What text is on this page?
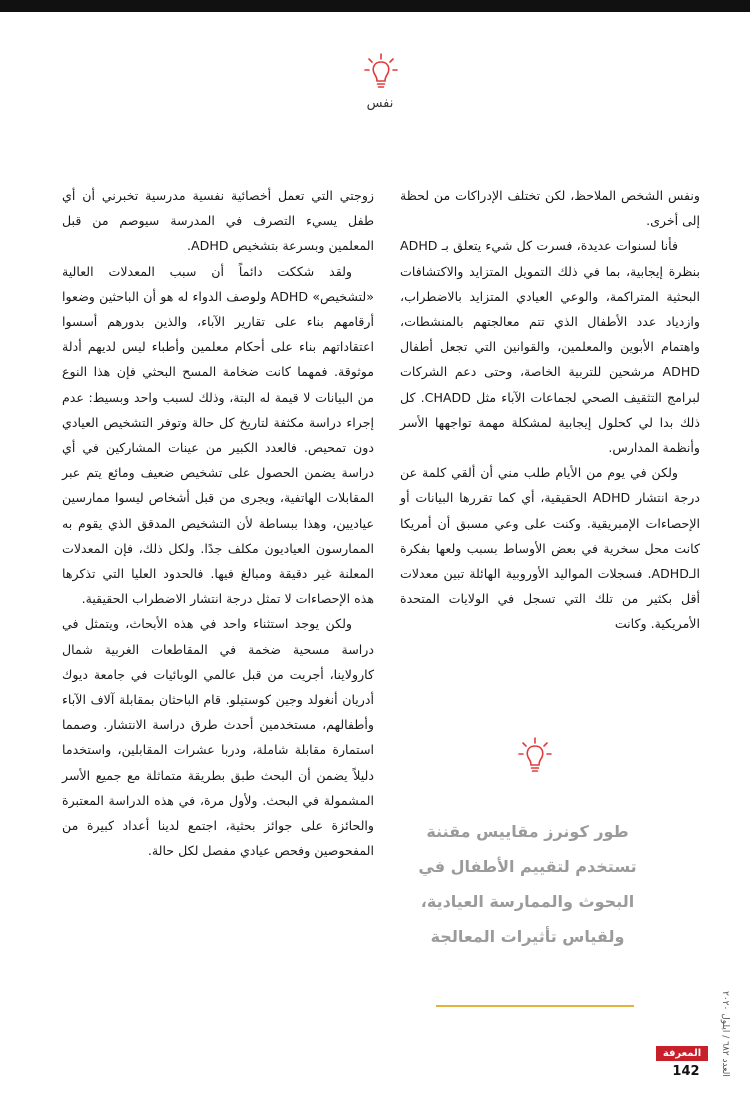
نفس

ونفس الشخص الملاحظ، لكن تختلف الإدراكات من لحظة إلى أخرى.

فأنا لسنوات عديدة، فسرت كل شيء يتعلق بـ ADHD بنظرة إيجابية، بما في ذلك التمويل المتزايد والاكتشافات البحثية المتراكمة، والوعي العيادي المتزايد بالاضطراب، وازدياد عدد الأطفال الذي تتم معالجتهم بالمنشطات، واهتمام الأبوين والمعلمين، والقوانين التي تجعل أطفال ADHD مرشحين للتربية الخاصة، وحتى دعم الشركات لبرامج التثقيف الصحي لجماعات الآباء مثل CHADD. كل ذلك بدا لي كحلول إيجابية لمشكلة مهمة تواجهها الأسر وأنظمة المدارس.

ولكن في يوم من الأيام طلب مني أن ألقي كلمة عن درجة انتشار ADHD الحقيقية، أي كما تقررها البيانات أو الإحصاءات الإمبريقية. وكنت على وعي مسبق أن أمريكا كانت محل سخرية في بعض الأوساط بسبب ولعها بفكرة الـADHD. فسجلات المواليد الأوروبية الهائلة تبين معدلات أقل بكثير من تلك التي تسجل في الولايات المتحدة الأمريكية. وكانت

زوجتي التي تعمل أخصائية نفسية مدرسية تخبرني أن أي طفل يسيء التصرف في المدرسة سيوصم من قبل المعلمين وبسرعة بتشخيص ADHD.

ولقد شككت دائماً أن سبب المعدلات العالية «لتشخيص» ADHD ولوصف الدواء له هو أن الباحثين وضعوا أرقامهم بناء على تقارير الآباء، والذين بدورهم أسسوا اعتقاداتهم بناء على أحكام معلمين وأطباء ليس لديهم أدلة موثوقة. فمهما كانت ضخامة المسح البحثي فإن هذا النوع من البيانات لا قيمة له البتة، وذلك لسبب واحد وبسيط: عدم إجراء دراسة مكثفة لتاريخ كل حالة وتوفر التشخيص العيادي دون تمحيص. فالعدد الكبير من عينات المشاركين في أي دراسة يضمن الحصول على تشخيص ضعيف ومائع يتم عبر المقابلات الهاتفية، ويجرى من قبل أشخاص ليسوا ممارسين عياديين، وهذا ببساطة لأن التشخيص المدقق الذي يقوم به الممارسون العياديون مكلف جدًا. ولكل ذلك، فإن المعدلات المعلنة غير دقيقة ومبالغ فيها. فالحدود العليا التي تذكرها هذه الإحصاءات لا تمثل درجة انتشار الاضطراب الحقيقية.

ولكن يوجد استثناء واحد في هذه الأبحاث، ويتمثل في دراسة مسحية ضخمة في المقاطعات الغربية شمال كارولاينا، أجريت من قبل عالمي الوبائيات في جامعة ديوك أدريان أنغولد وجين كوستيلو. قام الباحثان بمقابلة آلاف الآباء وأطفالهم، مستخدمين أحدث طرق دراسة الانتشار. وصمما استمارة مقابلة شاملة، ودربا عشرات المقابلين، واستخدما دليلاً يضمن أن البحث طبق بطريقة متماثلة مع جميع الأسر المشمولة في البحث. ولأول مرة، في هذه الدراسة المعتبرة والحائزة على جوائز بحثية، اجتمع لدينا أعداد كبيرة من المفحوصين وفحص عيادي مفصل لكل حالة.

طور كونرز مقاييس مقننة
تستخدم لتقييم الأطفال في
البحوث والممارسة العيادية،
ولقياس تأثيرات المعالجة
العدد ٦٨٢ / أيلول ٢٠٢٠
المعرفة
142
